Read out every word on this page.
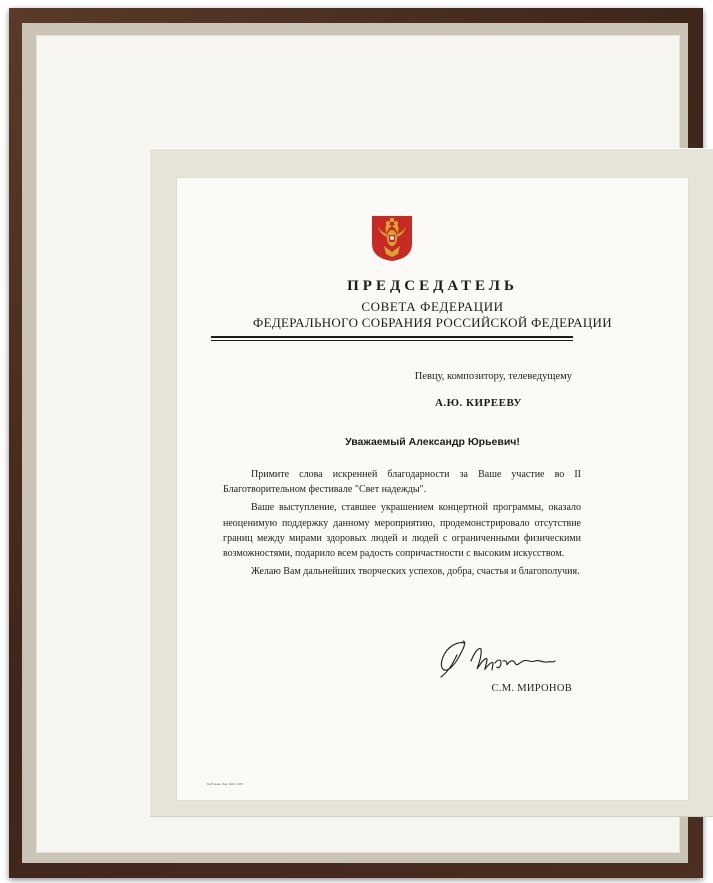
ПРЕДСЕДАТЕЛЬ
СОВЕТА ФЕДЕРАЦИИ
ФЕДЕРАЛЬНОГО СОБРАНИЯ РОССИЙСКОЙ ФЕДЕРАЦИИ
Певцу, композитору, телеведущему
А.Ю. КИРЕЕВУ
Уважаемый Александр Юрьевич!

Примите слова искренней благодарности за Ваше участие во II Благотворительном фестивале "Свет надежды".

Ваше выступление, ставшее украшением концертной программы, оказало неоценимую поддержку данному мероприятию, продемонстрировало отсутствие границ между мирами здоровых людей и людей с ограниченными физическими возможностями, подарило всем радость сопричастности с высоким искусством.

Желаю Вам дальнейших творческих успехов, добра, счастья и благополучия.

С.М. МИРОНОВ
Бл/Гознак. Зак. 0111. 1997
